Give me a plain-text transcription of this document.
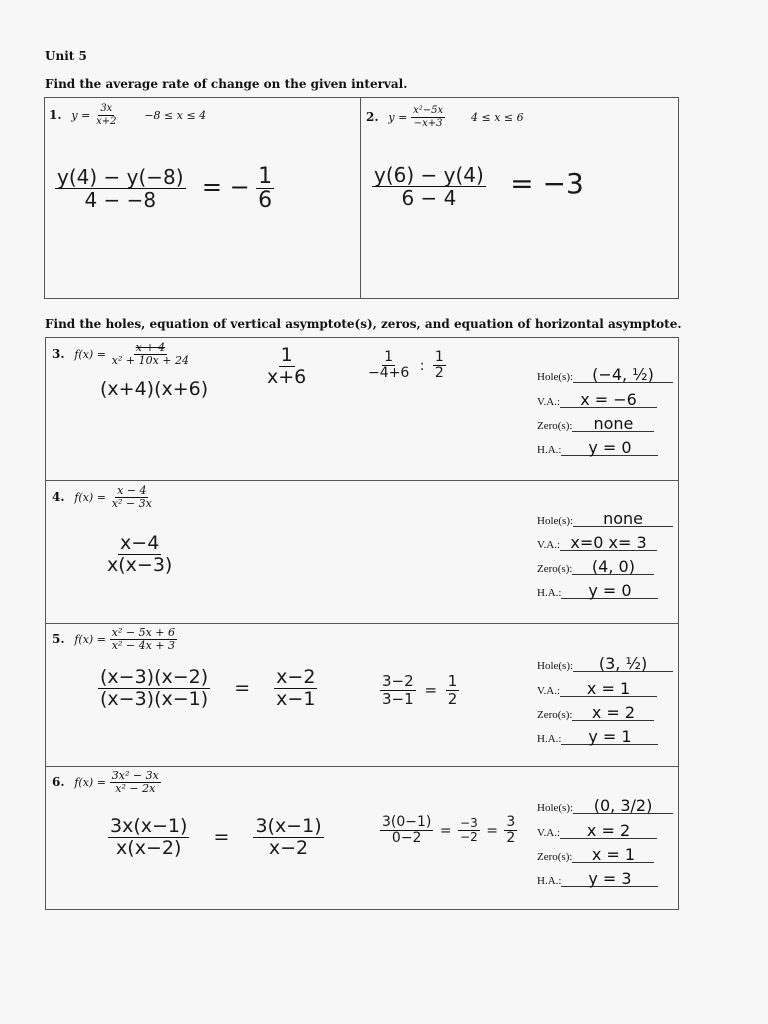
Unit 5
Find the average rate of change on the given interval.
1. $y = \frac{3x}{x+2} -8 \le x \le 4$
$\frac{y(4) - y(-8)}{4 - -8}$ = − $\frac{1}{6}$
2. $y = \frac{\text{x²−5x}}{-x+3} 4 \le x \le 6$
$\frac{y(6) - y(4)}{6 - 4} = -3$
Find the holes, equation of vertical asymptote(s), zeros, and equation of horizontal asymptote.
3. $f(x) = \frac{x + 4}{\text{x² + 10x + 24}}$
(x+4)(x+6)
$\frac{1}{x+6}$	$\frac{1}{-4+6}$ : $\frac{1}{2}$	Hole(s): (−4, ½)
V.A.: x = −6
Zero(s): none
H.A.: y = 0
4. $f(x) = \frac{x - 4}{\text{x² − 3x}}$
$\frac{x-4}{x(x-3)}$
Hole(s): none
V.A.: x=0 x= 3
Zero(s): (4, 0)
H.A.: y = 0
5. $f(x) = \frac{\text{x² − 5x + 6}}{\text{x² − 4x + 3}}$
$\frac{(x-3)(x-2)}{(x-3)(x-1)} = \frac{x-2}{x-1}$	$\frac{3-2}{3-1} = \frac{1}{2}$
Hole(s): (3, ½)
V.A.: x = 1
Zero(s): x = 2
H.A.: y = 1
6. $f(x) = \frac{\text{3x² − 3x}}{\text{x² − 2x}}$
$\frac{3x(x-1)}{x(x-2)} = \frac{3(x-1)}{x-2}$	$\frac{3(0-1)}{0-2} = \frac{-3}{-2} = \frac{3}{2}$
Hole(s): (0, 3/2)
V.A.: x = 2
Zero(s): x = 1
H.A.: y = 3
